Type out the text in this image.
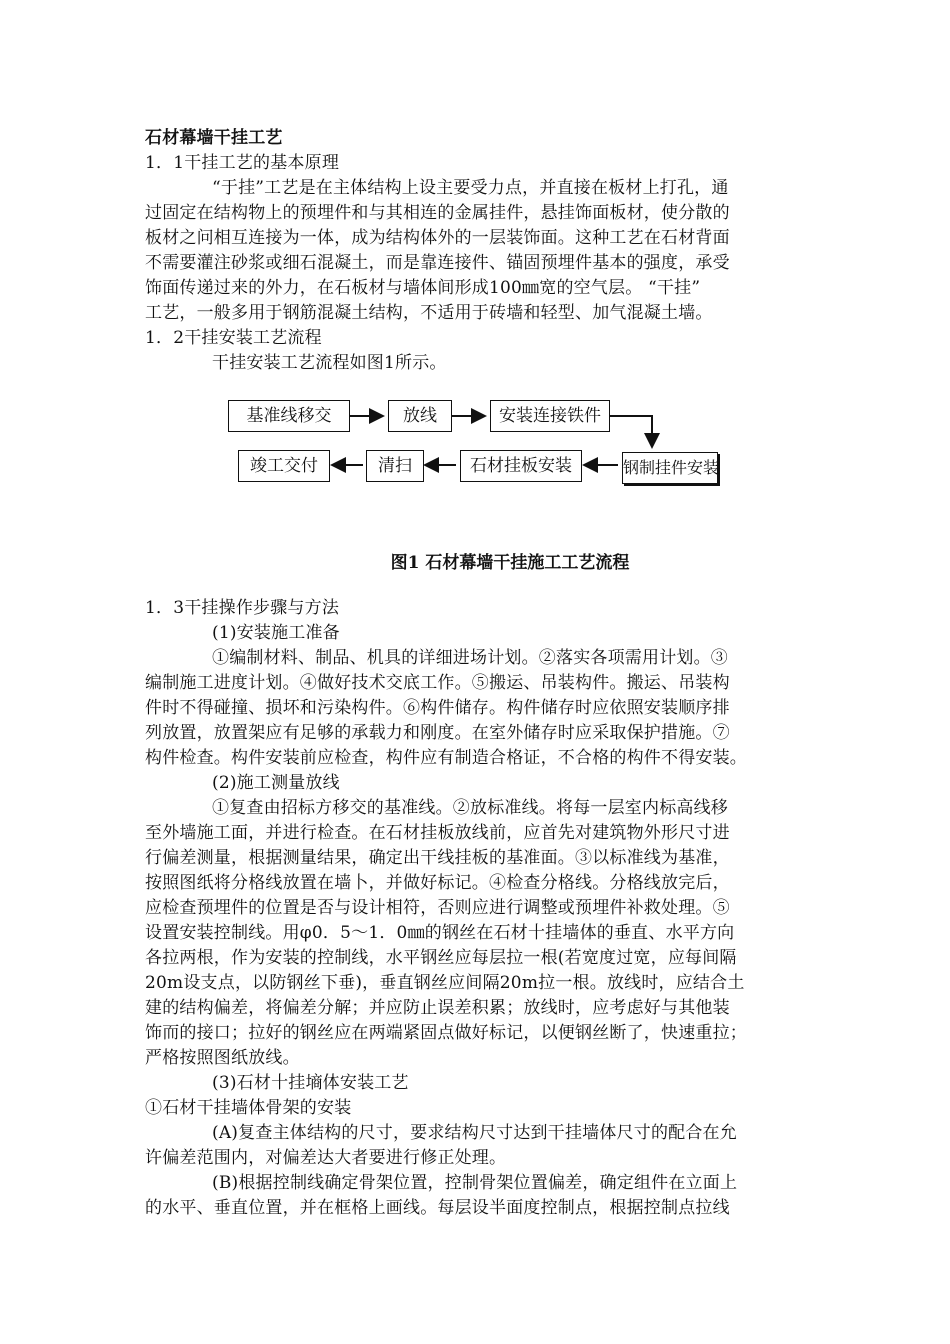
石材幕墙干挂工艺
1．1干挂工艺的基本原理
“于挂”工艺是在主体结构上设主要受力点，并直接在板材上打孔，通
过固定在结构物上的预埋件和与其相连的金属挂件，悬挂饰面板材，使分散的
板材之问相互连接为一体，成为结构体外的一层装饰面。这种工艺在石材背面
不需要灌注砂浆或细石混凝土，而是靠连接件、锚固预埋件基本的强度，承受
饰面传递过来的外力，在石板材与墙体间形成100㎜宽的空气层。 “干挂”
工艺，一般多用于钢筋混凝土结构，不适用于砖墙和轻型、加气混凝土墙。
1．2干挂安装工艺流程
干挂安装工艺流程如图1所示。
基准线移交	放线	安装连接铁件
竣工交付	清扫	石材挂板安装	钢制挂件安装
图1 石材幕墙干挂施工工艺流程
1．3干挂操作步骤与方法
(1)安装施工准备
①编制材料、制品、机具的详细进场计划。②落实各项需用计划。③
编制施工进度计划。④做好技术交底工作。⑤搬运、吊装构件。搬运、吊装构
件时不得碰撞、损坏和污染构件。⑥构件储存。构件储存时应依照安装顺序排
列放置，放置架应有足够的承载力和刚度。在室外储存时应采取保护措施。⑦
构件检查。构件安装前应检查，构件应有制造合格证，不合格的构件不得安装。
(2)施工测量放线
①复查由招标方移交的基准线。②放标准线。将每一层室内标高线移
至外墙施工面，并进行检查。在石材挂板放线前，应首先对建筑物外形尺寸进
行偏差测量，根据测量结果，确定出干线挂板的基准面。③以标准线为基准，
按照图纸将分格线放置在墙卜，并做好标记。④检查分格线。分格线放完后，
应检查预埋件的位置是否与设计相符，否则应进行调整或预埋件补救处理。⑤
设置安装控制线。用φ0．5～1．0㎜的钢丝在石材十挂墙体的垂直、水平方向
各拉两根，作为安装的控制线，水平钢丝应每层拉一根(若宽度过宽，应每间隔
20m设支点，以防钢丝下垂)，垂直钢丝应间隔20m拉一根。放线时，应结合土
建的结构偏差，将偏差分解；并应防止误差积累；放线时，应考虑好与其他装
饰而的接口；拉好的钢丝应在两端紧固点做好标记，以便钢丝断了，快速重拉；
严格按照图纸放线。
(3)石材十挂墒体安装工艺
①石材干挂墙体骨架的安装
(A)复查主体结构的尺寸，要求结构尺寸达到干挂墙体尺寸的配合在允
许偏差范围内，对偏差达大者要进行修正处理。
(B)根据控制线确定骨架位置，控制骨架位置偏差，确定组件在立面上
的水平、垂直位置，并在框格上画线。每层设半面度控制点，根据控制点拉线
